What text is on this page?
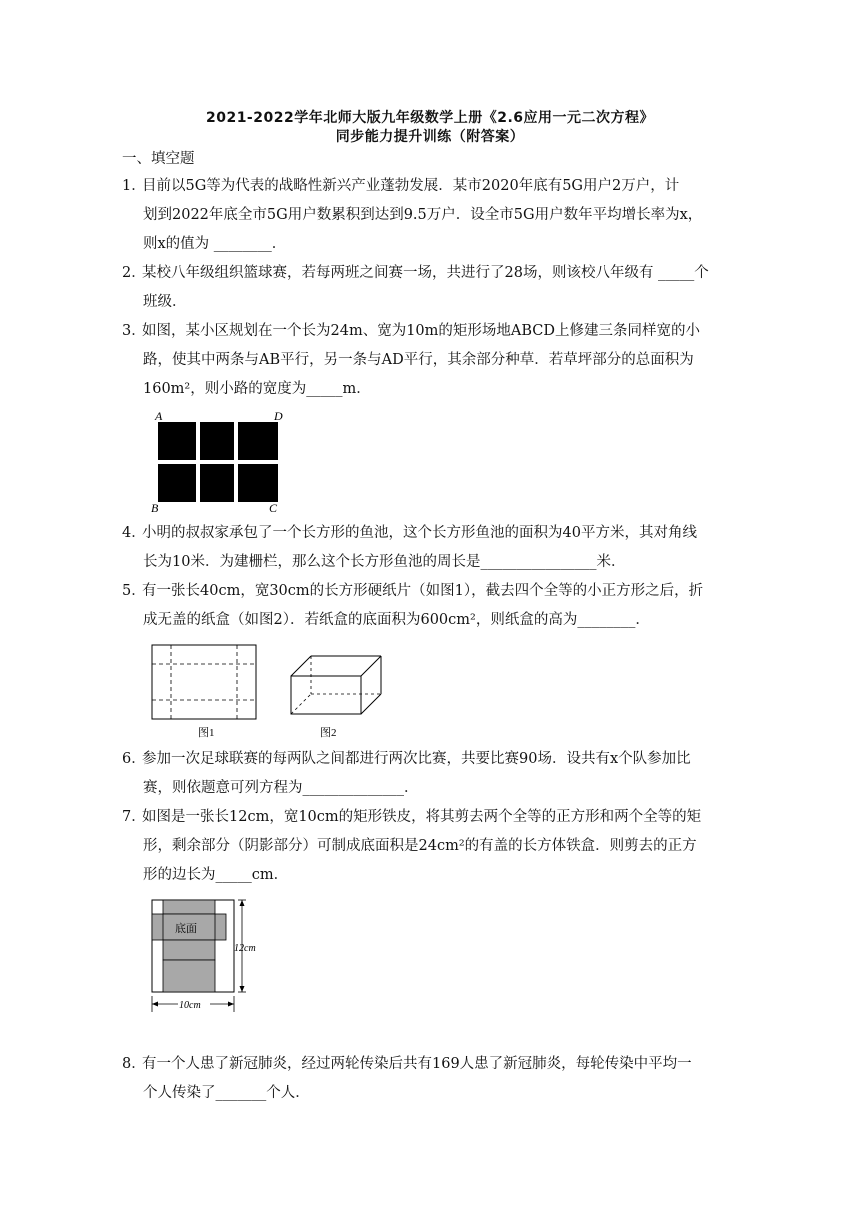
2021-2022学年北师大版九年级数学上册《2.6应用一元二次方程》
同步能力提升训练（附答案）
一、填空题
1．目前以5G等为代表的战略性新兴产业蓬勃发展．某市2020年底有5G用户2万户，计
划到2022年底全市5G用户数累积到达到9.5万户．设全市5G用户数年平均增长率为x，
则x的值为 ________．
2．某校八年级组织篮球赛，若每两班之间赛一场，共进行了28场，则该校八年级有 _____个
班级．
3．如图，某小区规划在一个长为24m、宽为10m的矩形场地ABCD上修建三条同样宽的小
路，使其中两条与AB平行，另一条与AD平行，其余部分种草．若草坪部分的总面积为
160m²，则小路的宽度为_____m．
A	D
B	C
4．小明的叔叔家承包了一个长方形的鱼池，这个长方形鱼池的面积为40平方米，其对角线
长为10米．为建栅栏，那么这个长方形鱼池的周长是________________米．
5．有一张长40cm，宽30cm的长方形硬纸片（如图1），截去四个全等的小正方形之后，折
成无盖的纸盒（如图2）．若纸盒的底面积为600cm²，则纸盒的高为________．
图1	图2
6．参加一次足球联赛的每两队之间都进行两次比赛，共要比赛90场．设共有x个队参加比
赛，则依题意可列方程为______________．
7．如图是一张长12cm，宽10cm的矩形铁皮，将其剪去两个全等的正方形和两个全等的矩
形，剩余部分（阴影部分）可制成底面积是24cm²的有盖的长方体铁盒．则剪去的正方
形的边长为_____cm．
底面
12cm
10cm
8．有一个人患了新冠肺炎，经过两轮传染后共有169人患了新冠肺炎，每轮传染中平均一
个人传染了_______个人．
